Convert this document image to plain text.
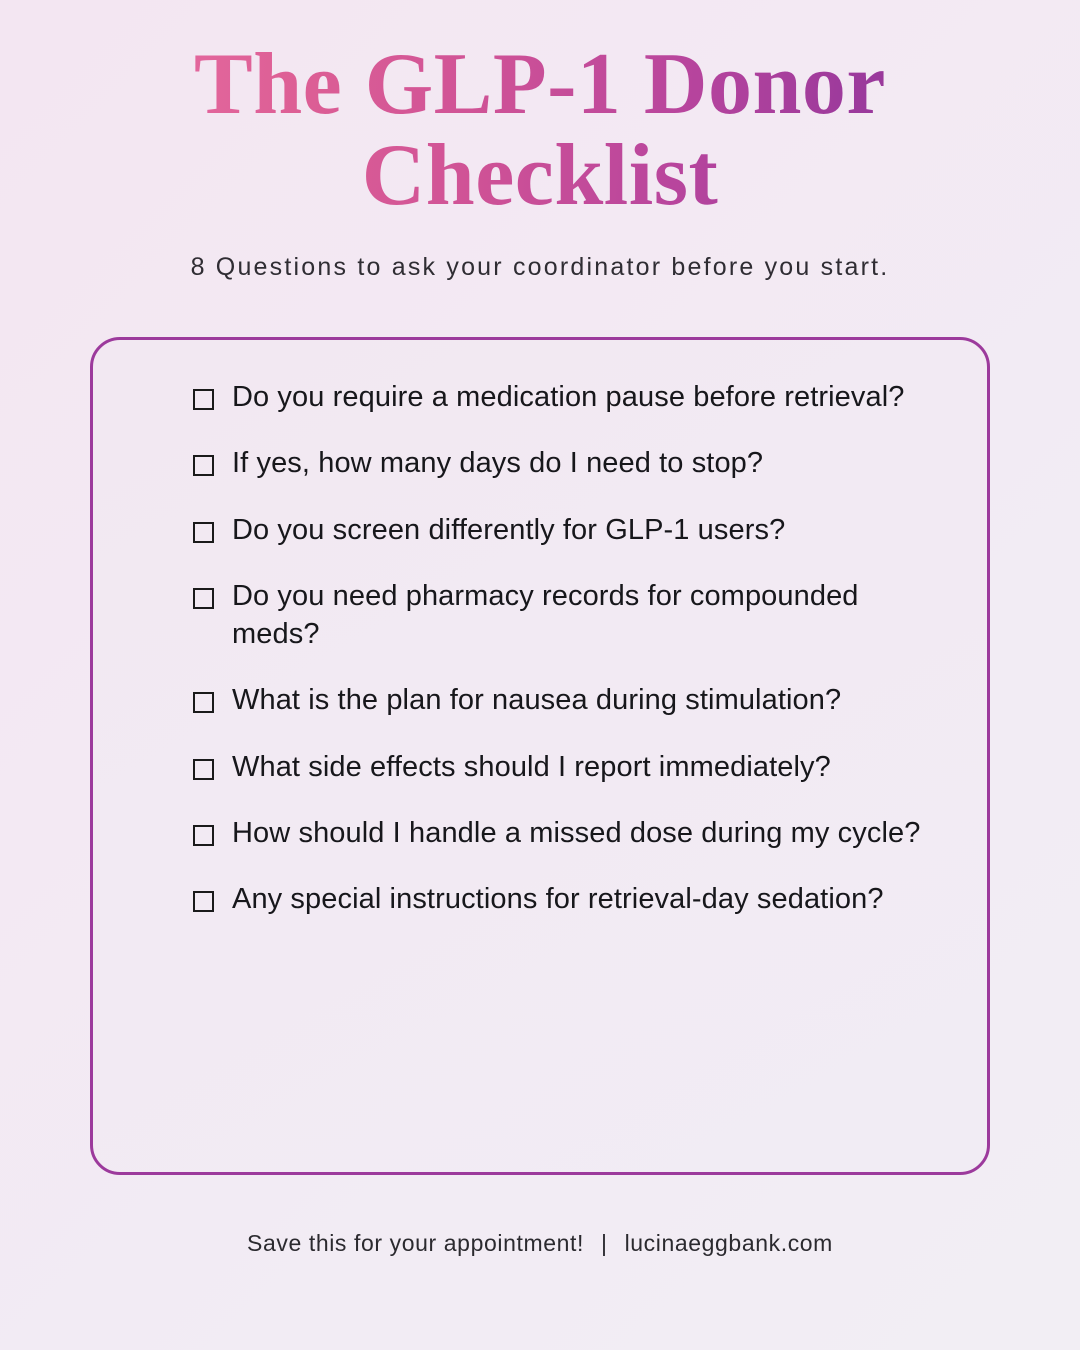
The GLP-1 Donor Checklist

8 Questions to ask your coordinator before you start.

Do you require a medication pause before retrieval?
If yes, how many days do I need to stop?
Do you screen differently for GLP-1 users?
Do you need pharmacy records for compounded meds?
What is the plan for nausea during stimulation?
What side effects should I report immediately?
How should I handle a missed dose during my cycle?
Any special instructions for retrieval-day sedation?
Save this for your appointment! | lucinaeggbank.com
